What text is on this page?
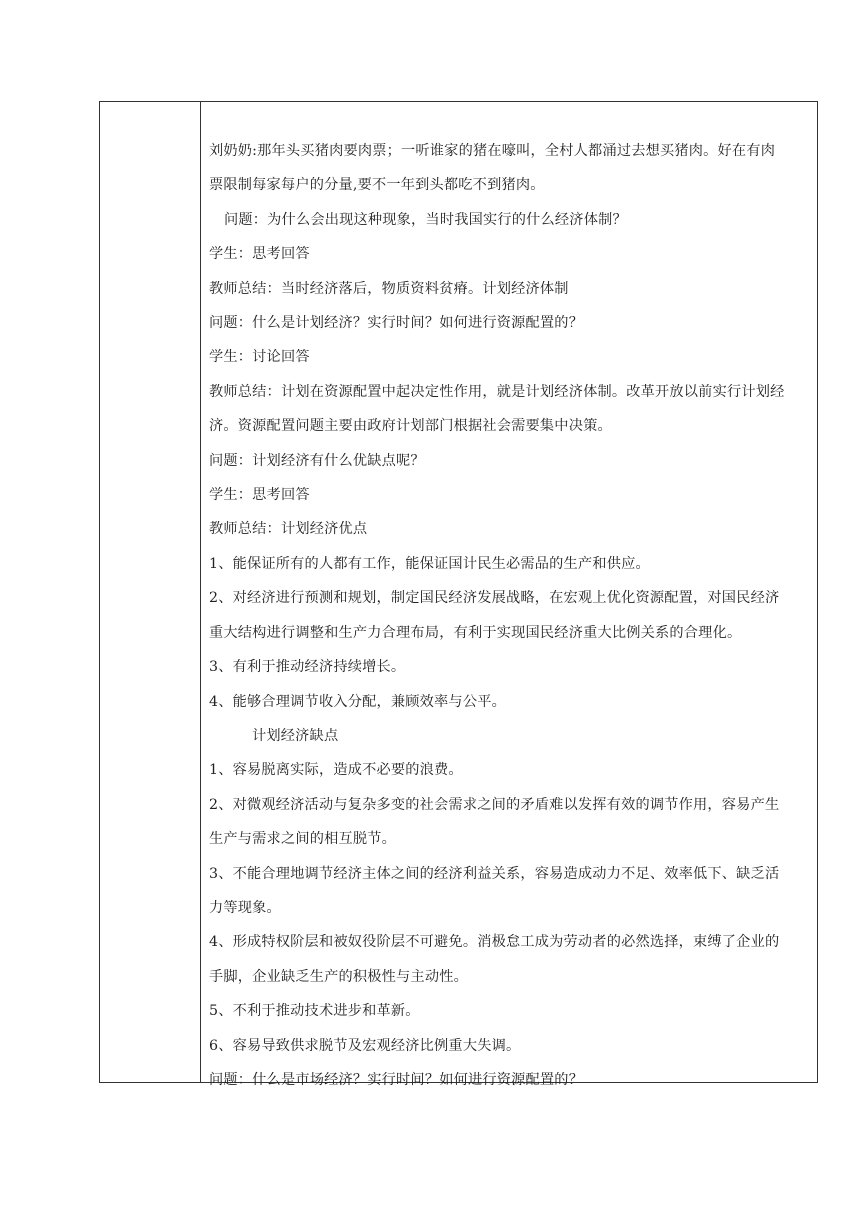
刘奶奶:那年头买猪肉要肉票；一听谁家的猪在嚎叫，全村人都涌过去想买猪肉。好在有肉

票限制每家每户的分量,要不一年到头都吃不到猪肉。

问题：为什么会出现这种现象，当时我国实行的什么经济体制？

学生：思考回答

教师总结：当时经济落后，物质资料贫瘠。计划经济体制

问题：什么是计划经济？实行时间？如何进行资源配置的？

学生：讨论回答

教师总结：计划在资源配置中起决定性作用，就是计划经济体制。改革开放以前实行计划经

济。资源配置问题主要由政府计划部门根据社会需要集中决策。

问题：计划经济有什么优缺点呢？

学生：思考回答

教师总结：计划经济优点

1、能保证所有的人都有工作，能保证国计民生必需品的生产和供应。

2、对经济进行预测和规划，制定国民经济发展战略，在宏观上优化资源配置，对国民经济

重大结构进行调整和生产力合理布局，有利于实现国民经济重大比例关系的合理化。

3、有利于推动经济持续增长。

4、能够合理调节收入分配，兼顾效率与公平。

计划经济缺点

1、容易脱离实际，造成不必要的浪费。

2、对微观经济活动与复杂多变的社会需求之间的矛盾难以发挥有效的调节作用，容易产生

生产与需求之间的相互脱节。

3、不能合理地调节经济主体之间的经济利益关系，容易造成动力不足、效率低下、缺乏活

力等现象。

4、形成特权阶层和被奴役阶层不可避免。消极怠工成为劳动者的必然选择，束缚了企业的

手脚，企业缺乏生产的积极性与主动性。

5、不利于推动技术进步和革新。

6、容易导致供求脱节及宏观经济比例重大失调。

问题：什么是市场经济？实行时间？如何进行资源配置的？
